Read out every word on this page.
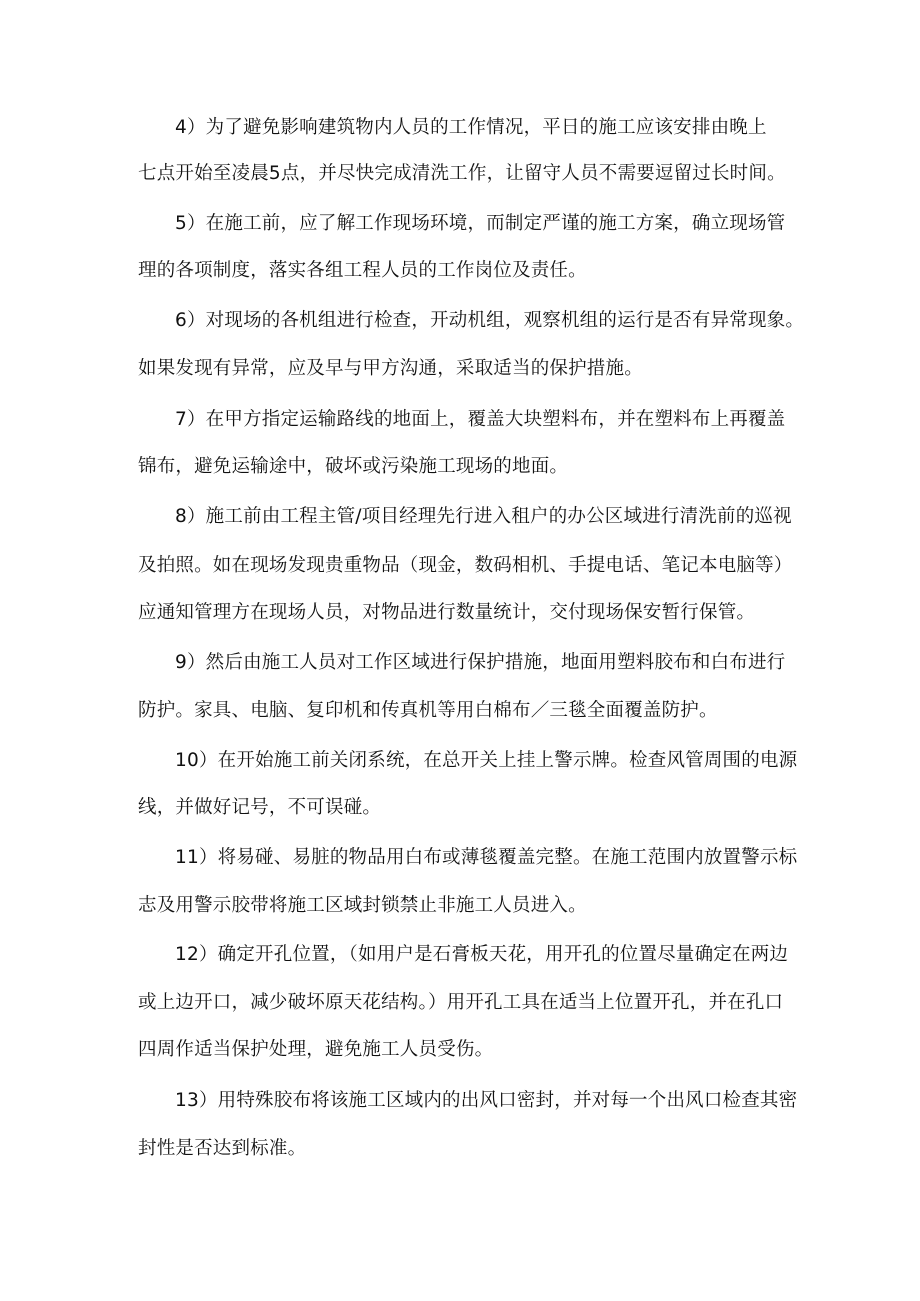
4）为了避免影响建筑物内人员的工作情况，平日的施工应该安排由晚上
七点开始至凌晨5点，并尽快完成清洗工作，让留守人员不需要逗留过长时间。
5）在施工前，应了解工作现场环境，而制定严谨的施工方案，确立现场管
理的各项制度，落实各组工程人员的工作岗位及责任。
6）对现场的各机组进行检查，开动机组，观察机组的运行是否有异常现象。
如果发现有异常，应及早与甲方沟通，采取适当的保护措施。
7）在甲方指定运输路线的地面上，覆盖大块塑料布，并在塑料布上再覆盖
锦布，避免运输途中，破坏或污染施工现场的地面。
8）施工前由工程主管/项目经理先行进入租户的办公区域进行清洗前的巡视
及拍照。如在现场发现贵重物品（现金，数码相机、手提电话、笔记本电脑等）
应通知管理方在现场人员，对物品进行数量统计，交付现场保安暂行保管。
9）然后由施工人员对工作区域进行保护措施，地面用塑料胶布和白布进行
防护。家具、电脑、复印机和传真机等用白棉布／三毯全面覆盖防护。
10）在开始施工前关闭系统，在总开关上挂上警示牌。检查风管周围的电源
线，并做好记号，不可误碰。
11）将易碰、易脏的物品用白布或薄毯覆盖完整。在施工范围内放置警示标
志及用警示胶带将施工区域封锁禁止非施工人员进入。
12）确定开孔位置，（如用户是石膏板天花，用开孔的位置尽量确定在两边
或上边开口，减少破坏原天花结构。）用开孔工具在适当上位置开孔，并在孔口
四周作适当保护处理，避免施工人员受伤。
13）用特殊胶布将该施工区域内的出风口密封，并对每一个出风口检查其密
封性是否达到标准。
